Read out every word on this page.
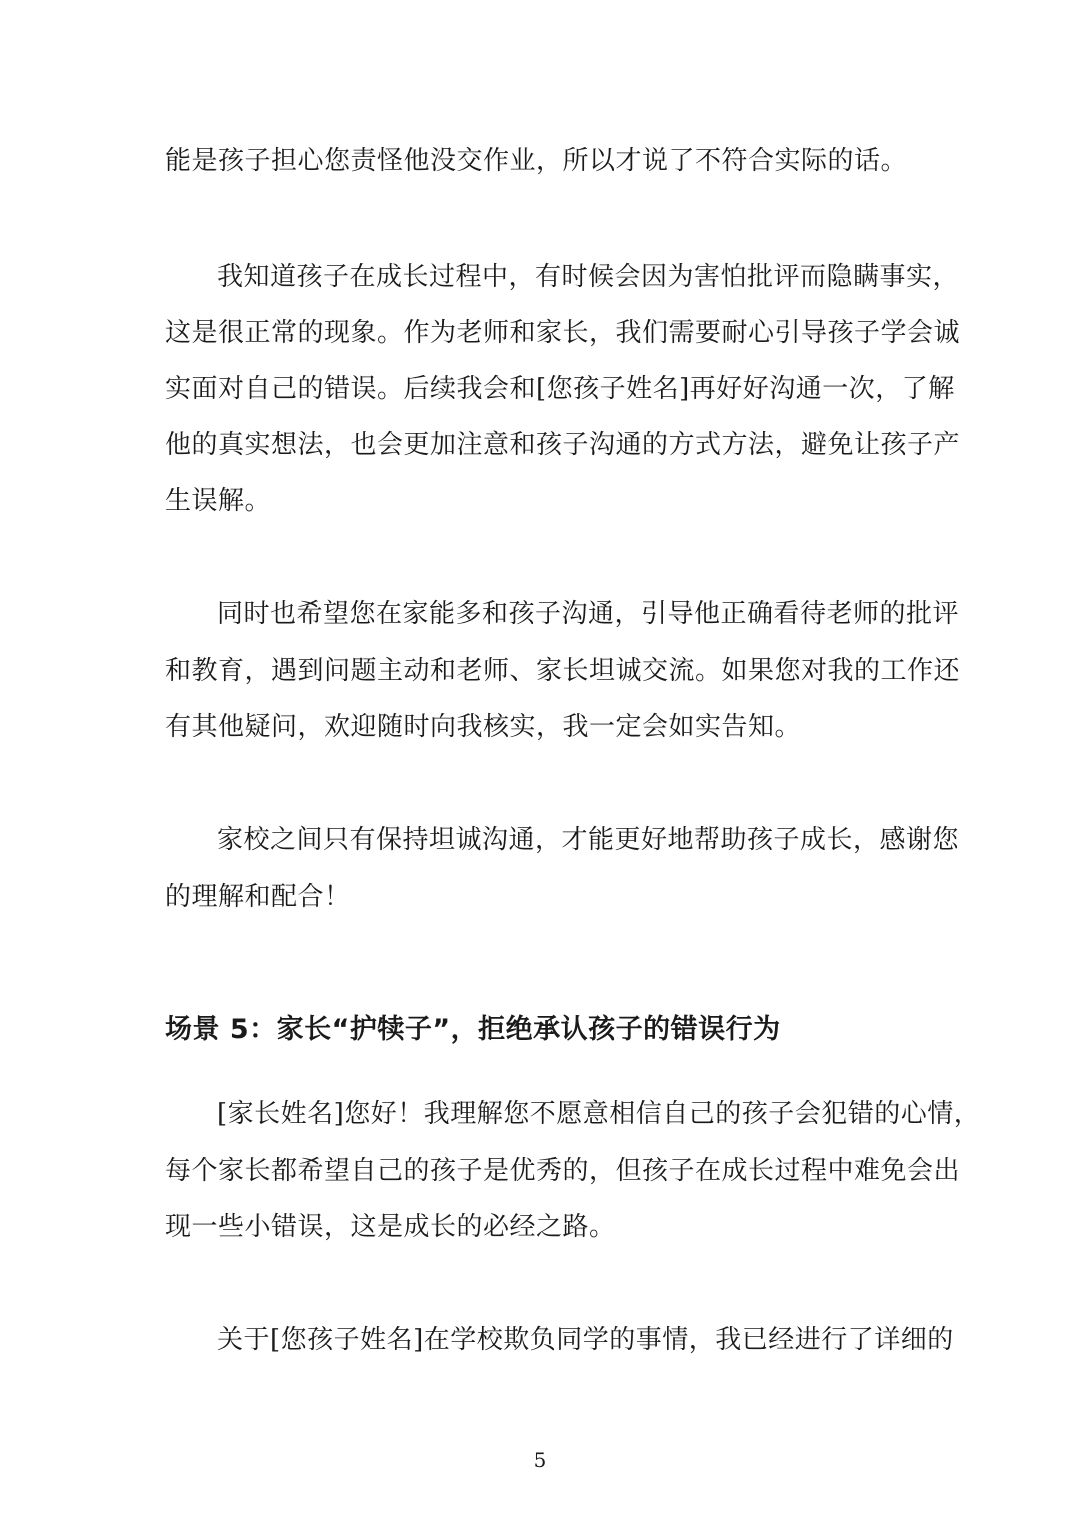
能是孩子担心您责怪他没交作业，所以才说了不符合实际的话。
我知道孩子在成长过程中，有时候会因为害怕批评而隐瞒事实，
这是很正常的现象。作为老师和家长，我们需要耐心引导孩子学会诚
实面对自己的错误。后续我会和[您孩子姓名]再好好沟通一次，了解
他的真实想法，也会更加注意和孩子沟通的方式方法，避免让孩子产
生误解。
同时也希望您在家能多和孩子沟通，引导他正确看待老师的批评
和教育，遇到问题主动和老师、家长坦诚交流。如果您对我的工作还
有其他疑问，欢迎随时向我核实，我一定会如实告知。
家校之间只有保持坦诚沟通，才能更好地帮助孩子成长，感谢您
的理解和配合！
场景 5：家长“护犊子”，拒绝承认孩子的错误行为
[家长姓名]您好！我理解您不愿意相信自己的孩子会犯错的心情，
每个家长都希望自己的孩子是优秀的，但孩子在成长过程中难免会出
现一些小错误，这是成长的必经之路。
关于[您孩子姓名]在学校欺负同学的事情，我已经进行了详细的
5
